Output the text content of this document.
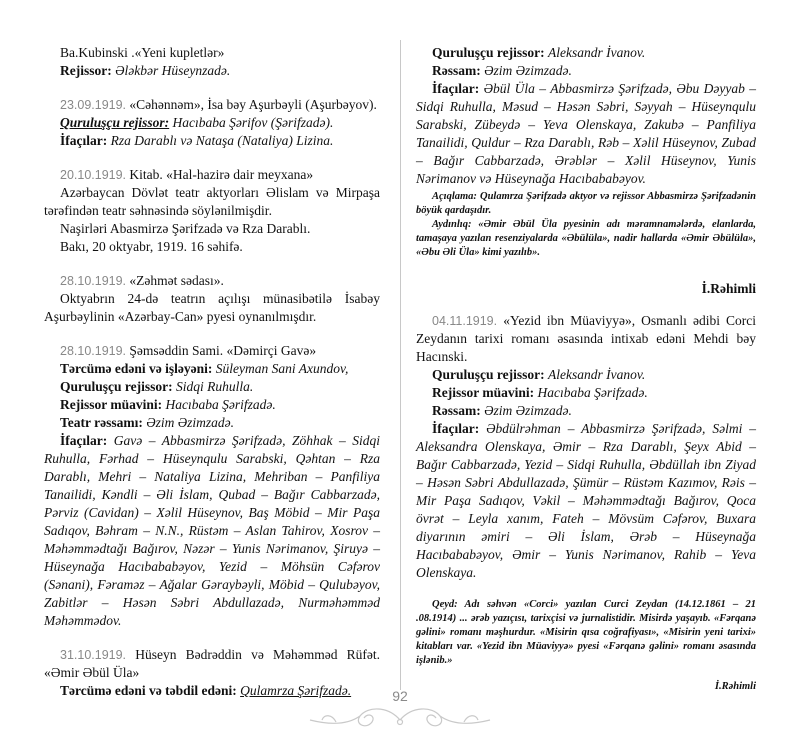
Ba.Kubinski .«Yeni kupletlər»

Rejissor: Ələkbər Hüseynzadə.

23.09.1919. «Cəhənnəm», İsa bəy Aşurbəyli (Aşurbəyov).

Quruluşçu rejissor: Hacıbaba Şərifov (Şərifzadə).

İfaçılar: Rza Darablı və Nataşa (Nataliya) Lizina.

20.10.1919. Kitab. «Hal-hazirə dair meyxana»

Azərbaycan Dövlət teatr aktyorları Əlislam və Mirpaşa tərəfindən teatr səhnəsində söylənilmişdir.

Naşirləri Abasmirzə Şərifzadə və Rza Darablı.

Bakı, 20 oktyabr, 1919. 16 səhifə.

28.10.1919. «Zəhmət sədası».

Oktyabrın 24-də teatrın açılışı münasibətilə İsabəy Aşurbəylinin «Azərbay-Can» pyesi oynanılmışdır.

28.10.1919. Şəmsəddin Sami. «Dəmirçi Gavə»

Tərcümə edəni və işləyəni: Süleyman Sani Axundov,

Quruluşçu rejissor: Sidqi Ruhulla.

Rejissor müavini: Hacıbaba Şərifzadə.

Teatr rəssamı: Əzim Əzimzadə.

İfaçılar: Gavə – Abbasmirzə Şərifzadə, Zöhhak – Sidqi Ruhulla, Fərhad – Hüseynqulu Sarabski, Qəhtan – Rza Darablı, Mehri – Nataliya Lizina, Mehriban – Panfiliya Tanailidi, Kəndli – Əli İslam, Qubad – Bağır Cabbarzadə, Pərviz (Cavidan) – Xəlil Hüseynov, Baş Möbid – Mir Paşa Sadıqov, Bəhram – N.N., Rüstəm – Aslan Tahirov, Xosrov – Məhəmmədtağı Bağırov, Nəzər – Yunis Nərimanov, Şiruyə – Hüseynağa Hacıbababəyov, Yezid – Möhsün Cəfərov (Sənani), Fəraməz – Ağalar Gəraybəyli, Möbid – Qulubəyov, Zabitlər – Həsən Səbri Abdullazadə, Nurməhəmməd Məhəmmədov.

31.10.1919. Hüseyn Bədrəddin və Məhəmməd Rüfət. «Əmir Əbül Üla»

Tərcümə edəni və təbdil edəni: Qulamrza Şərifzadə.

Quruluşçu rejissor: Aleksandr İvanov.

Rəssam: Əzim Əzimzadə.

İfaçılar: Əbül Üla – Abbasmirzə Şərifzadə, Əbu Dəyyab – Sidqi Ruhulla, Məsud – Həsən Səbri, Səyyah – Hüseynqulu Sarabski, Zübeydə – Yeva Olenskaya, Zakubə – Panfiliya Tanailidi, Quldur – Rza Darablı, Rəb – Xəlil Hüseynov, Zubad – Bağır Cabbarzadə, Ərəblər – Xəlil Hüseynov, Yunis Nərimanov və Hüseynağa Hacıbababəyov.

Açıqlama: Qulamrza Şərifzadə aktyor və rejissor Abbasmirzə Şərifzadənin böyük qardaşıdır.

Aydınlıq: «Əmir Əbül Üla pyesinin adı məramnamələrdə, elanlarda, tamaşaya yazılan resenziyalarda «Əbülüla», nadir hallarda «Əmir Əbülüla», «Əbu Əli Üla» kimi yazılıb».

İ.Rəhimli

04.11.1919. «Yezid ibn Müaviyyə», Osmanlı ədibi Corci Zeydanın tarixi romanı əsasında intixab edəni Mehdi bəy Hacınski.

Quruluşçu rejissor: Aleksandr İvanov.

Rejissor müavini: Hacıbaba Şərifzadə.

Rəssam: Əzim Əzimzadə.

İfaçılar: Əbdülrəhman – Abbasmirzə Şərifzadə, Səlmi – Aleksandra Olenskaya, Əmir – Rza Darablı, Şeyx Abid – Bağır Cabbarzadə, Yezid – Sidqi Ruhulla, Əbdüllah ibn Ziyad – Həsən Səbri Abdullazadə, Şümür – Rüstəm Kazımov, Rəis – Mir Paşa Sadıqov, Vəkil – Məhəmmədtağı Bağırov, Qoca övrət – Leyla xanım, Fateh – Mövsüm Cəfərov, Buxara diyarının əmiri – Əli İslam, Ərəb – Hüseynağa Hacıbababəyov, Əmir – Yunis Nərimanov, Rahib – Yeva Olenskaya.

Qeyd: Adı səhvən «Corci» yazılan Curci Zeydan (14.12.1861 – 21 .08.1914) ... ərəb yazıçısı, tarixçisi və jurnalistidir. Misirdə yaşayıb. «Fərqanə gəlini» romanı məşhurdur. «Misirin qısa coğrafiyası», «Misirin yeni tarixi» kitabları var. «Yezid ibn Müaviyyə» pyesi «Fərqanə gəlini» romanı əsasında işlənib.»

İ.Rəhimli

92
